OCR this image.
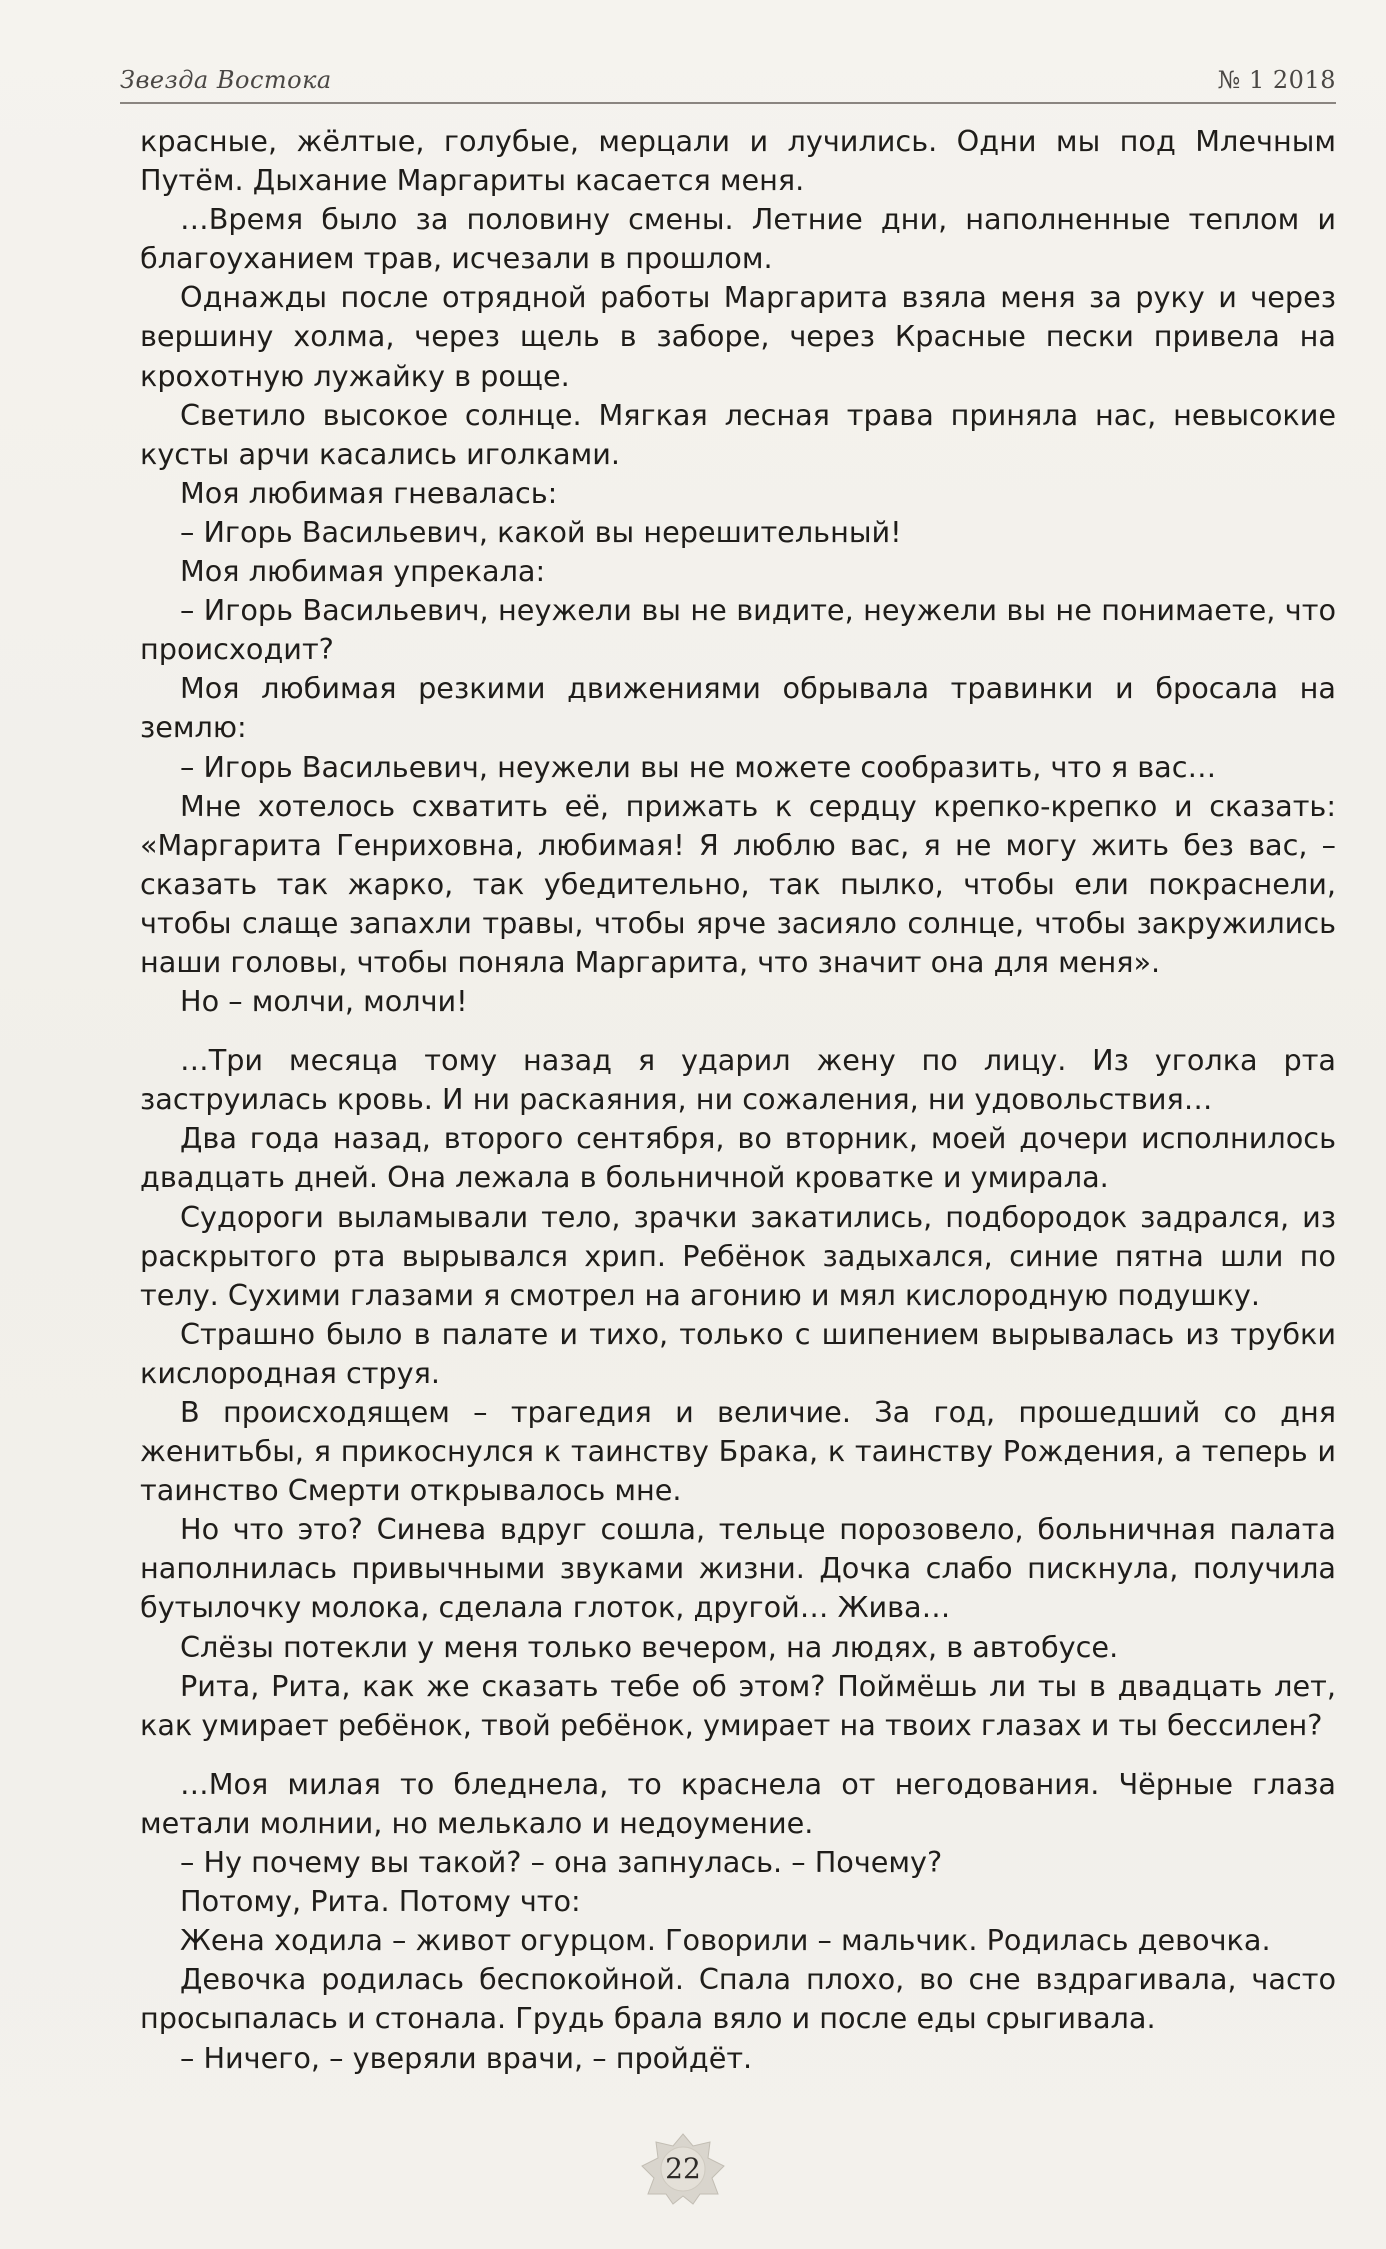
Звезда Востока	№ 1 2018

красные, жёлтые, голубые, мерцали и лучились. Одни мы под Млечным Путём. Дыхание Маргариты касается меня.

…Время было за половину смены. Летние дни, наполненные теплом и благоуханием трав, исчезали в прошлом.

Однажды после отрядной работы Маргарита взяла меня за руку и через вершину холма, через щель в заборе, через Красные пески привела на крохотную лужайку в роще.

Светило высокое солнце. Мягкая лесная трава приняла нас, невысокие кусты арчи касались иголками.

Моя любимая гневалась:

– Игорь Васильевич, какой вы нерешительный!

Моя любимая упрекала:

– Игорь Васильевич, неужели вы не видите, неужели вы не понимаете, что происходит?

Моя любимая резкими движениями обрывала травинки и бросала на землю:

– Игорь Васильевич, неужели вы не можете сообразить, что я вас…

Мне хотелось схватить её, прижать к сердцу крепко-крепко и сказать: «Маргарита Генриховна, любимая! Я люблю вас, я не могу жить без вас, – сказать так жарко, так убедительно, так пылко, чтобы ели покраснели, чтобы слаще запахли травы, чтобы ярче засияло солнце, чтобы закружились наши головы, чтобы поняла Маргарита, что значит она для меня».

Но – молчи, молчи!

…Три месяца тому назад я ударил жену по лицу. Из уголка рта заструилась кровь. И ни раскаяния, ни сожаления, ни удовольствия…

Два года назад, второго сентября, во вторник, моей дочери исполнилось двадцать дней. Она лежала в больничной кроватке и умирала.

Судороги выламывали тело, зрачки закатились, подбородок задрался, из раскрытого рта вырывался хрип. Ребёнок задыхался, синие пятна шли по телу. Сухими глазами я смотрел на агонию и мял кислородную подушку.

Страшно было в палате и тихо, только с шипением вырывалась из трубки кислородная струя.

В происходящем – трагедия и величие. За год, прошедший со дня женитьбы, я прикоснулся к таинству Брака, к таинству Рождения, а теперь и таинство Смерти открывалось мне.

Но что это? Синева вдруг сошла, тельце порозовело, больничная палата наполнилась привычными звуками жизни. Дочка слабо пискнула, получила бутылочку молока, сделала глоток, другой… Жива…

Слёзы потекли у меня только вечером, на людях, в автобусе.

Рита, Рита, как же сказать тебе об этом? Поймёшь ли ты в двадцать лет, как умирает ребёнок, твой ребёнок, умирает на твоих глазах и ты бессилен?

…Моя милая то бледнела, то краснела от негодования. Чёрные глаза метали молнии, но мелькало и недоумение.

– Ну почему вы такой? – она запнулась. – Почему?

Потому, Рита. Потому что:

Жена ходила – живот огурцом. Говорили – мальчик. Родилась девочка.

Девочка родилась беспокойной. Спала плохо, во сне вздрагивала, часто просыпалась и стонала. Грудь брала вяло и после еды срыгивала.

– Ничего, – уверяли врачи, – пройдёт.

22
